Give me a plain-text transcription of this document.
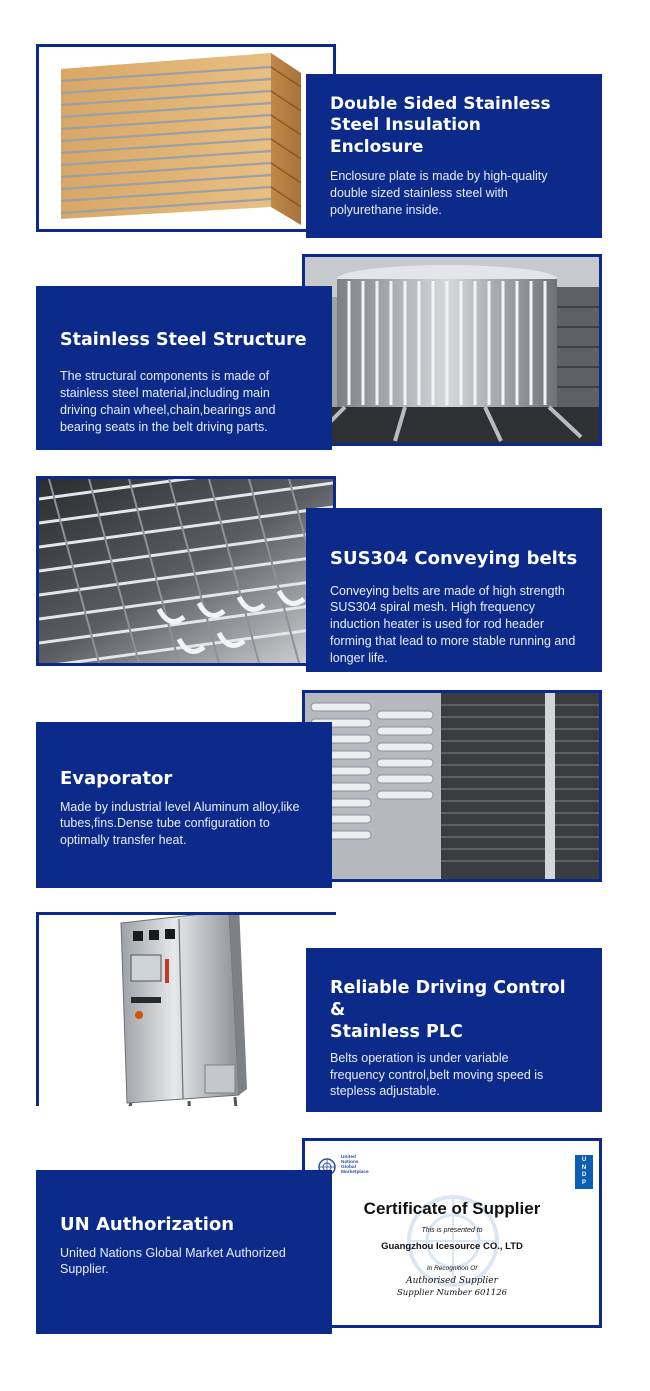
Double Sided Stainless
Steel Insulation Enclosure

Enclosure plate is made by high-quality double sized stainless steel with polyurethane inside.

Stainless Steel Structure

The structural components is made of stainless steel material,including main driving chain wheel,chain,bearings and bearing seats in the belt driving parts.

SUS304 Conveying belts

Conveying belts are made of high strength SUS304 spiral mesh. High frequency induction heater is used for rod header forming that lead to more stable running and longer life.

Evaporator

Made by industrial level Aluminum alloy,like tubes,fins.Dense tube configuration to optimally transfer heat.

Reliable Driving Control &
Stainless PLC

Belts operation is under variable frequency control,belt moving speed is stepless adjustable.

United
Nations
Global
Marketplace
U
N
D
P
Certificate of Supplier
This is presented to
Guangzhou Icesource CO., LTD
In Recognition Of
Authorised Supplier
Supplier Number 601126
UN Authorization

United Nations Global Market Authorized Supplier.
